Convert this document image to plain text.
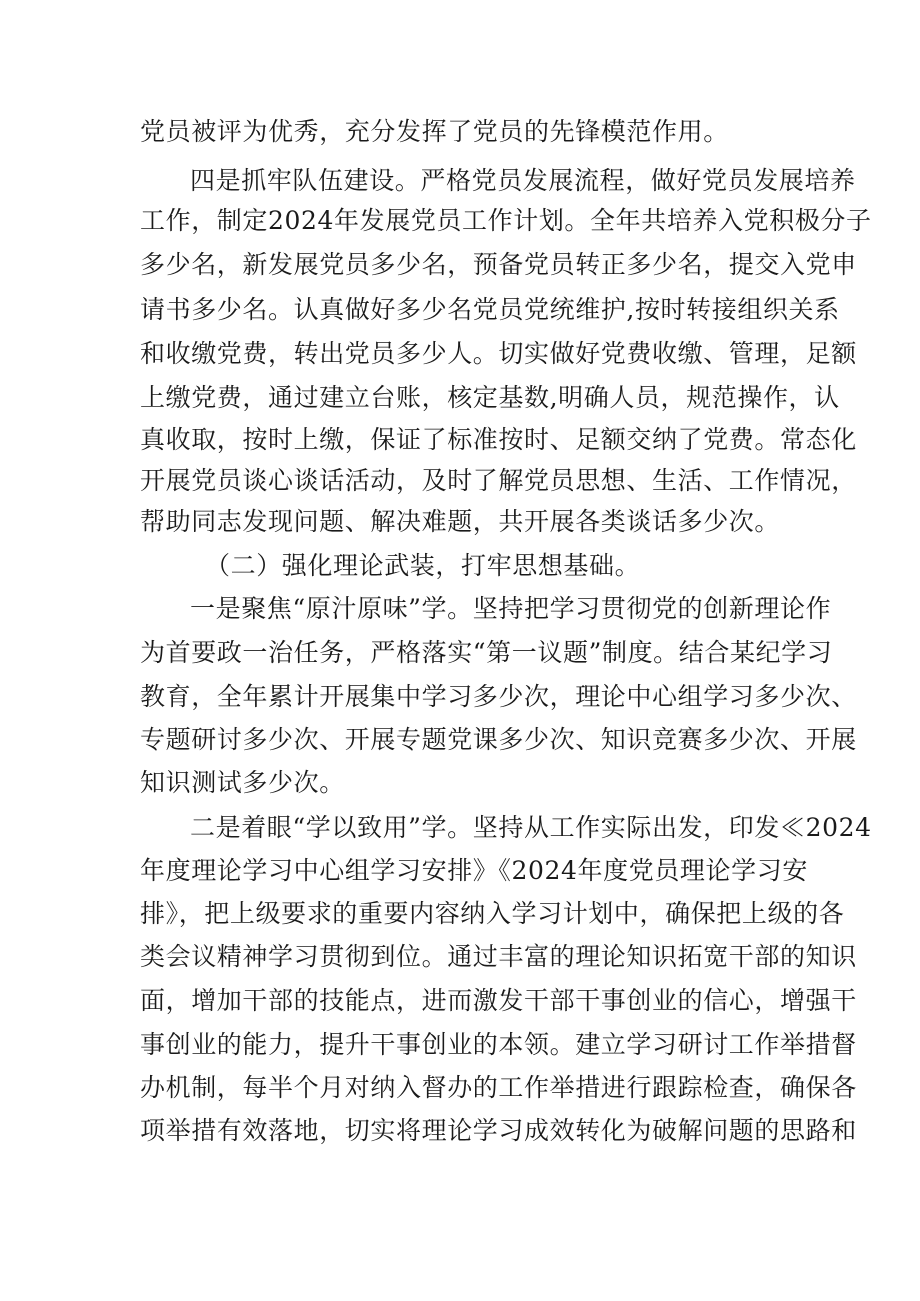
党员被评为优秀，充分发挥了党员的先锋模范作用。
四是抓牢队伍建设。严格党员发展流程，做好党员发展培养
工作，制定2024年发展党员工作计划。全年共培养入党积极分子
多少名，新发展党员多少名，预备党员转正多少名，提交入党申
请书多少名。认真做好多少名党员党统维护,按时转接组织关系
和收缴党费，转出党员多少人。切实做好党费收缴、管理，足额
上缴党费，通过建立台账，核定基数,明确人员，规范操作，认
真收取，按时上缴，保证了标准按时、足额交纳了党费。常态化
开展党员谈心谈话活动，及时了解党员思想、生活、工作情况，
帮助同志发现问题、解决难题，共开展各类谈话多少次。
（二）强化理论武装，打牢思想基础。
一是聚焦“原汁原味”学。坚持把学习贯彻党的创新理论作
为首要政一治任务，严格落实“第一议题”制度。结合某纪学习
教育，全年累计开展集中学习多少次，理论中心组学习多少次、
专题研讨多少次、开展专题党课多少次、知识竞赛多少次、开展
知识测试多少次。
二是着眼“学以致用”学。坚持从工作实际出发，印发≪2024
年度理论学习中心组学习安排》《2024年度党员理论学习安
排》，把上级要求的重要内容纳入学习计划中，确保把上级的各
类会议精神学习贯彻到位。通过丰富的理论知识拓宽干部的知识
面，增加干部的技能点，进而激发干部干事创业的信心，增强干
事创业的能力，提升干事创业的本领。建立学习研讨工作举措督
办机制，每半个月对纳入督办的工作举措进行跟踪检查，确保各
项举措有效落地，切实将理论学习成效转化为破解问题的思路和
